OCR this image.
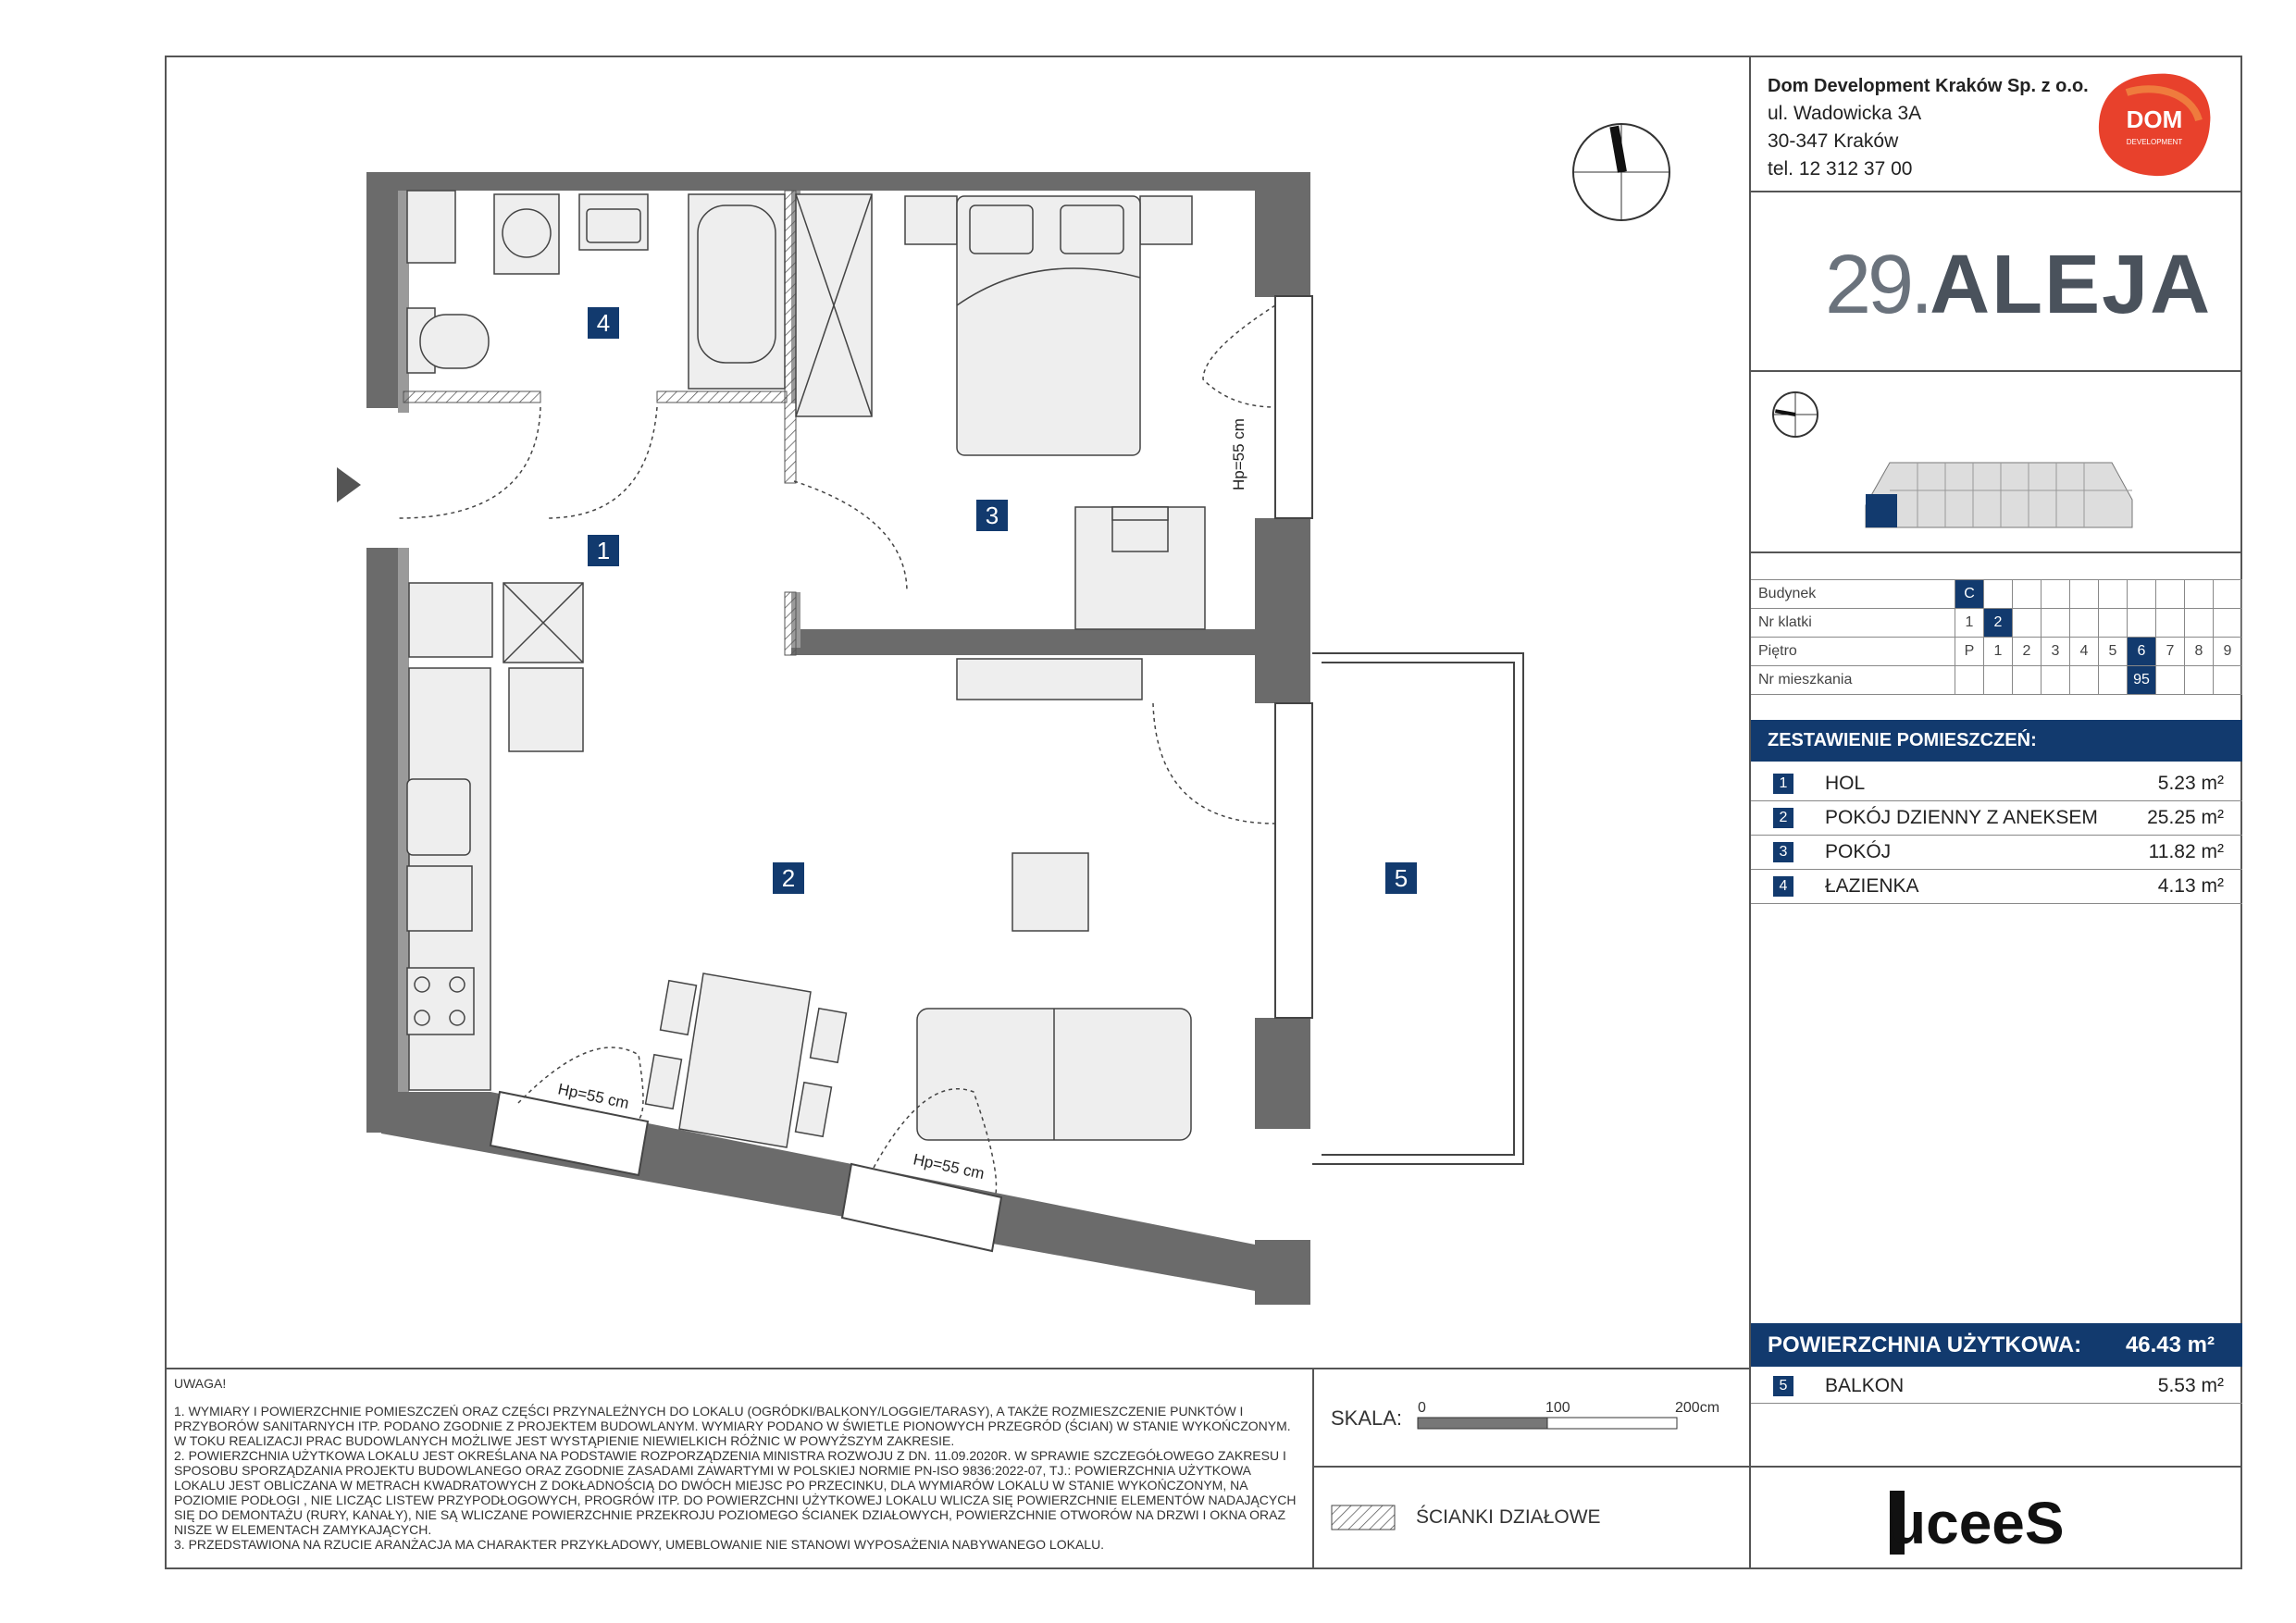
Hp=55 cm
Hp=55 cm
Hp=55 cm
4
1
3
2	5
Dom Development Kraków Sp. z o.o.
ul. Wadowicka 3A
30-347 Kraków
tel. 12 312 37 00
DOM
DEVELOPMENT
29.ALEJA
Budynek	C									
Nr klatki	1	2								
Piętro	P	1	2	3	4	5	6	7	8	9
Nr mieszkania							95			
ZESTAWIENIE POMIESZCZEŃ:
1	HOL	5.23 m²
2	POKÓJ DZIENNY Z ANEKSEM	25.25 m²
3	POKÓJ	11.82 m²
4	ŁAZIENKA	4.13 m²
POWIERZCHNIA UŻYTKOWA: 46.43 m²
5	BALKON	5.53 m²
uceeS
UWAGA!
1. WYMIARY I POWIERZCHNIE POMIESZCZEŃ ORAZ CZĘŚCI PRZYNALEŻNYCH DO LOKALU (OGRÓDKI/BALKONY/LOGGIE/TARASY), A TAKŻE ROZMIESZCZENIE PUNKTÓW I PRZYBORÓW SANITARNYCH ITP. PODANO ZGODNIE Z PROJEKTEM BUDOWLANYM. WYMIARY PODANO W ŚWIETLE PIONOWYCH PRZEGRÓD (ŚCIAN) W STANIE WYKOŃCZONYM. W TOKU REALIZACJI PRAC BUDOWLANYCH MOŻLIWE JEST WYSTĄPIENIE NIEWIELKICH RÓŻNIC W POWYŻSZYM ZAKRESIE.
2. POWIERZCHNIA UŻYTKOWA LOKALU JEST OKREŚLANA NA PODSTAWIE ROZPORZĄDZENIA MINISTRA ROZWOJU Z DN. 11.09.2020R. W SPRAWIE SZCZEGÓŁOWEGO ZAKRESU I SPOSOBU SPORZĄDZANIA PROJEKTU BUDOWLANEGO ORAZ ZGODNIE ZASADAMI ZAWARTYMI W POLSKIEJ NORMIE PN-ISO 9836:2022-07, TJ.: POWIERZCHNIA UŻYTKOWA LOKALU JEST OBLICZANA W METRACH KWADRATOWYCH Z DOKŁADNOŚCIĄ DO DWÓCH MIEJSC PO PRZECINKU, DLA WYMIARÓW LOKALU W STANIE WYKOŃCZONYM, NA POZIOMIE PODŁOGI , NIE LICZĄC LISTEW PRZYPODŁOGOWYCH, PROGRÓW ITP. DO POWIERZCHNI UŻYTKOWEJ LOKALU WLICZA SIĘ POWIERZCHNIE ELEMENTÓW NADAJĄCYCH SIĘ DO DEMONTAŻU (RURY, KANAŁY), NIE SĄ WLICZANE POWIERZCHNIE PRZEKROJU POZIOMEGO ŚCIANEK DZIAŁOWYCH, POWIERZCHNIE OTWORÓW NA DRZWI I OKNA ORAZ NISZE W ELEMENTACH ZAMYKAJĄCYCH.
3. PRZEDSTAWIONA NA RZUCIE ARANŻACJA MA CHARAKTER PRZYKŁADOWY, UMEBLOWANIE NIE STANOWI WYPOSAŻENIA NABYWANEGO LOKALU.
SKALA: 0	100	200cm
ŚCIANKI DZIAŁOWE
